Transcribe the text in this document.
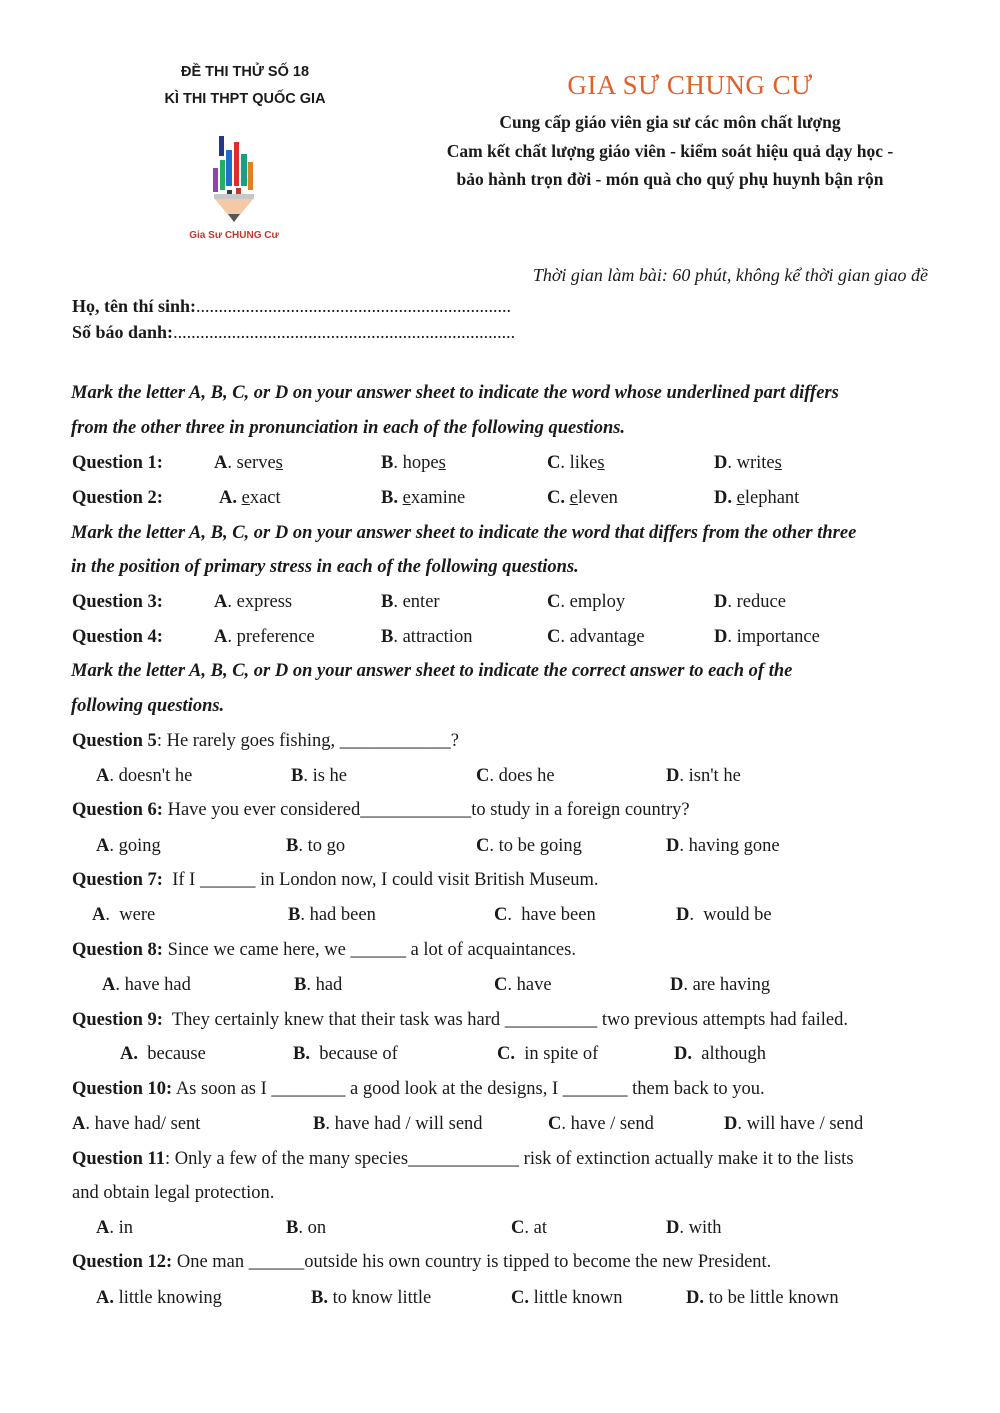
ĐỀ THI THỬ SỐ 18
KÌ THI THPT QUỐC GIA
Gia Sư CHUNG Cư
GIA SƯ CHUNG CƯ
Cung cấp giáo viên gia sư các môn chất lượng
Cam kết chất lượng giáo viên - kiểm soát hiệu quả dạy học -
bảo hành trọn đời - món quà cho quý phụ huynh bận rộn
Thời gian làm bài: 60 phút, không kể thời gian giao đề
Họ, tên thí sinh:......................................................................
Số báo danh:............................................................................
Mark the letter A, B, C, or D on your answer sheet to indicate the word whose underlined part differs
from the other three in pronunciation in each of the following questions.
Question 1:	A. serves	B. hopes	C. likes	D. writes
Question 2:	A. exact	B. examine	C. eleven	D. elephant
Mark the letter A, B, C, or D on your answer sheet to indicate the word that differs from the other three
in the position of primary stress in each of the following questions.
Question 3:	A. express	B. enter	C. employ	D. reduce
Question 4:	A. preference	B. attraction	C. advantage	D. importance
Mark the letter A, B, C, or D on your answer sheet to indicate the correct answer to each of the
following questions.
Question 5: He rarely goes fishing, ____________?
A. doesn't he	B. is he	C. does he	D. isn't he
Question 6: Have you ever considered____________to study in a foreign country?
A. going	B. to go	C. to be going	D. having gone
Question 7:  If I ______ in London now, I could visit British Museum.
A.  were	B. had been	C.  have been	D.  would be
Question 8: Since we came here, we ______ a lot of acquaintances.
A. have had	B. had	C. have	D. are having
Question 9:  They certainly knew that their task was hard __________ two previous attempts had failed.
A. because	B. because of	C. in spite of	D. although
Question 10: As soon as I ________ a good look at the designs, I _______ them back to you.
A. have had/ sent	B. have had / will send	C. have / send	D. will have / send
Question 11: Only a few of the many species____________ risk of extinction actually make it to the lists
and obtain legal protection.
A. in	B. on	C. at	D. with
Question 12: One man ______outside his own country is tipped to become the new President.
A. little knowing	B. to know little	C. little known	D. to be little known
